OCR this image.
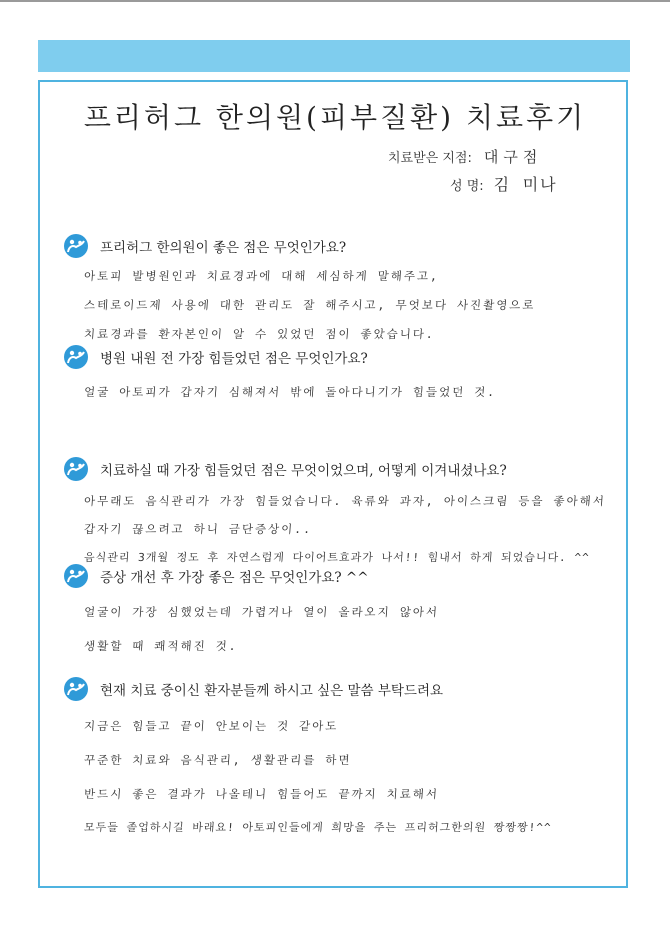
프리허그 한의원(피부질환) 치료후기
치료받은 지점: 대구점
성 명: 김 미나
프리허그 한의원이 좋은 점은 무엇인가요?
아토피 발병원인과 치료경과에 대해 세심하게 말해주고,
스테로이드제 사용에 대한 관리도 잘 해주시고, 무엇보다 사진촬영으로
치료경과를 환자본인이 알 수 있었던 점이 좋았습니다.
병원 내원 전 가장 힘들었던 점은 무엇인가요?
얼굴 아토피가 갑자기 심해져서 밖에 돌아다니기가 힘들었던 것.
치료하실 때 가장 힘들었던 점은 무엇이었으며, 어떻게 이겨내셨나요?
아무래도 음식관리가 가장 힘들었습니다. 육류와 과자, 아이스크림 등을 좋아해서
갑자기 끊으려고 하니 금단증상이..
음식관리 3개월 정도 후 자연스럽게 다이어트효과가 나서!! 힘내서 하게 되었습니다. ^^
증상 개선 후 가장 좋은 점은 무엇인가요? ^^
얼굴이 가장 심했었는데 가렵거나 열이 올라오지 않아서
생활할 때 쾌적해진 것.
현재 치료 중이신 환자분들께 하시고 싶은 말씀 부탁드려요
지금은 힘들고 끝이 안보이는 것 같아도
꾸준한 치료와 음식관리, 생활관리를 하면
반드시 좋은 결과가 나올테니 힘들어도 끝까지 치료해서
모두들 졸업하시길 바래요! 아토피인들에게 희망을 주는 프리허그한의원 짱짱짱!^^
